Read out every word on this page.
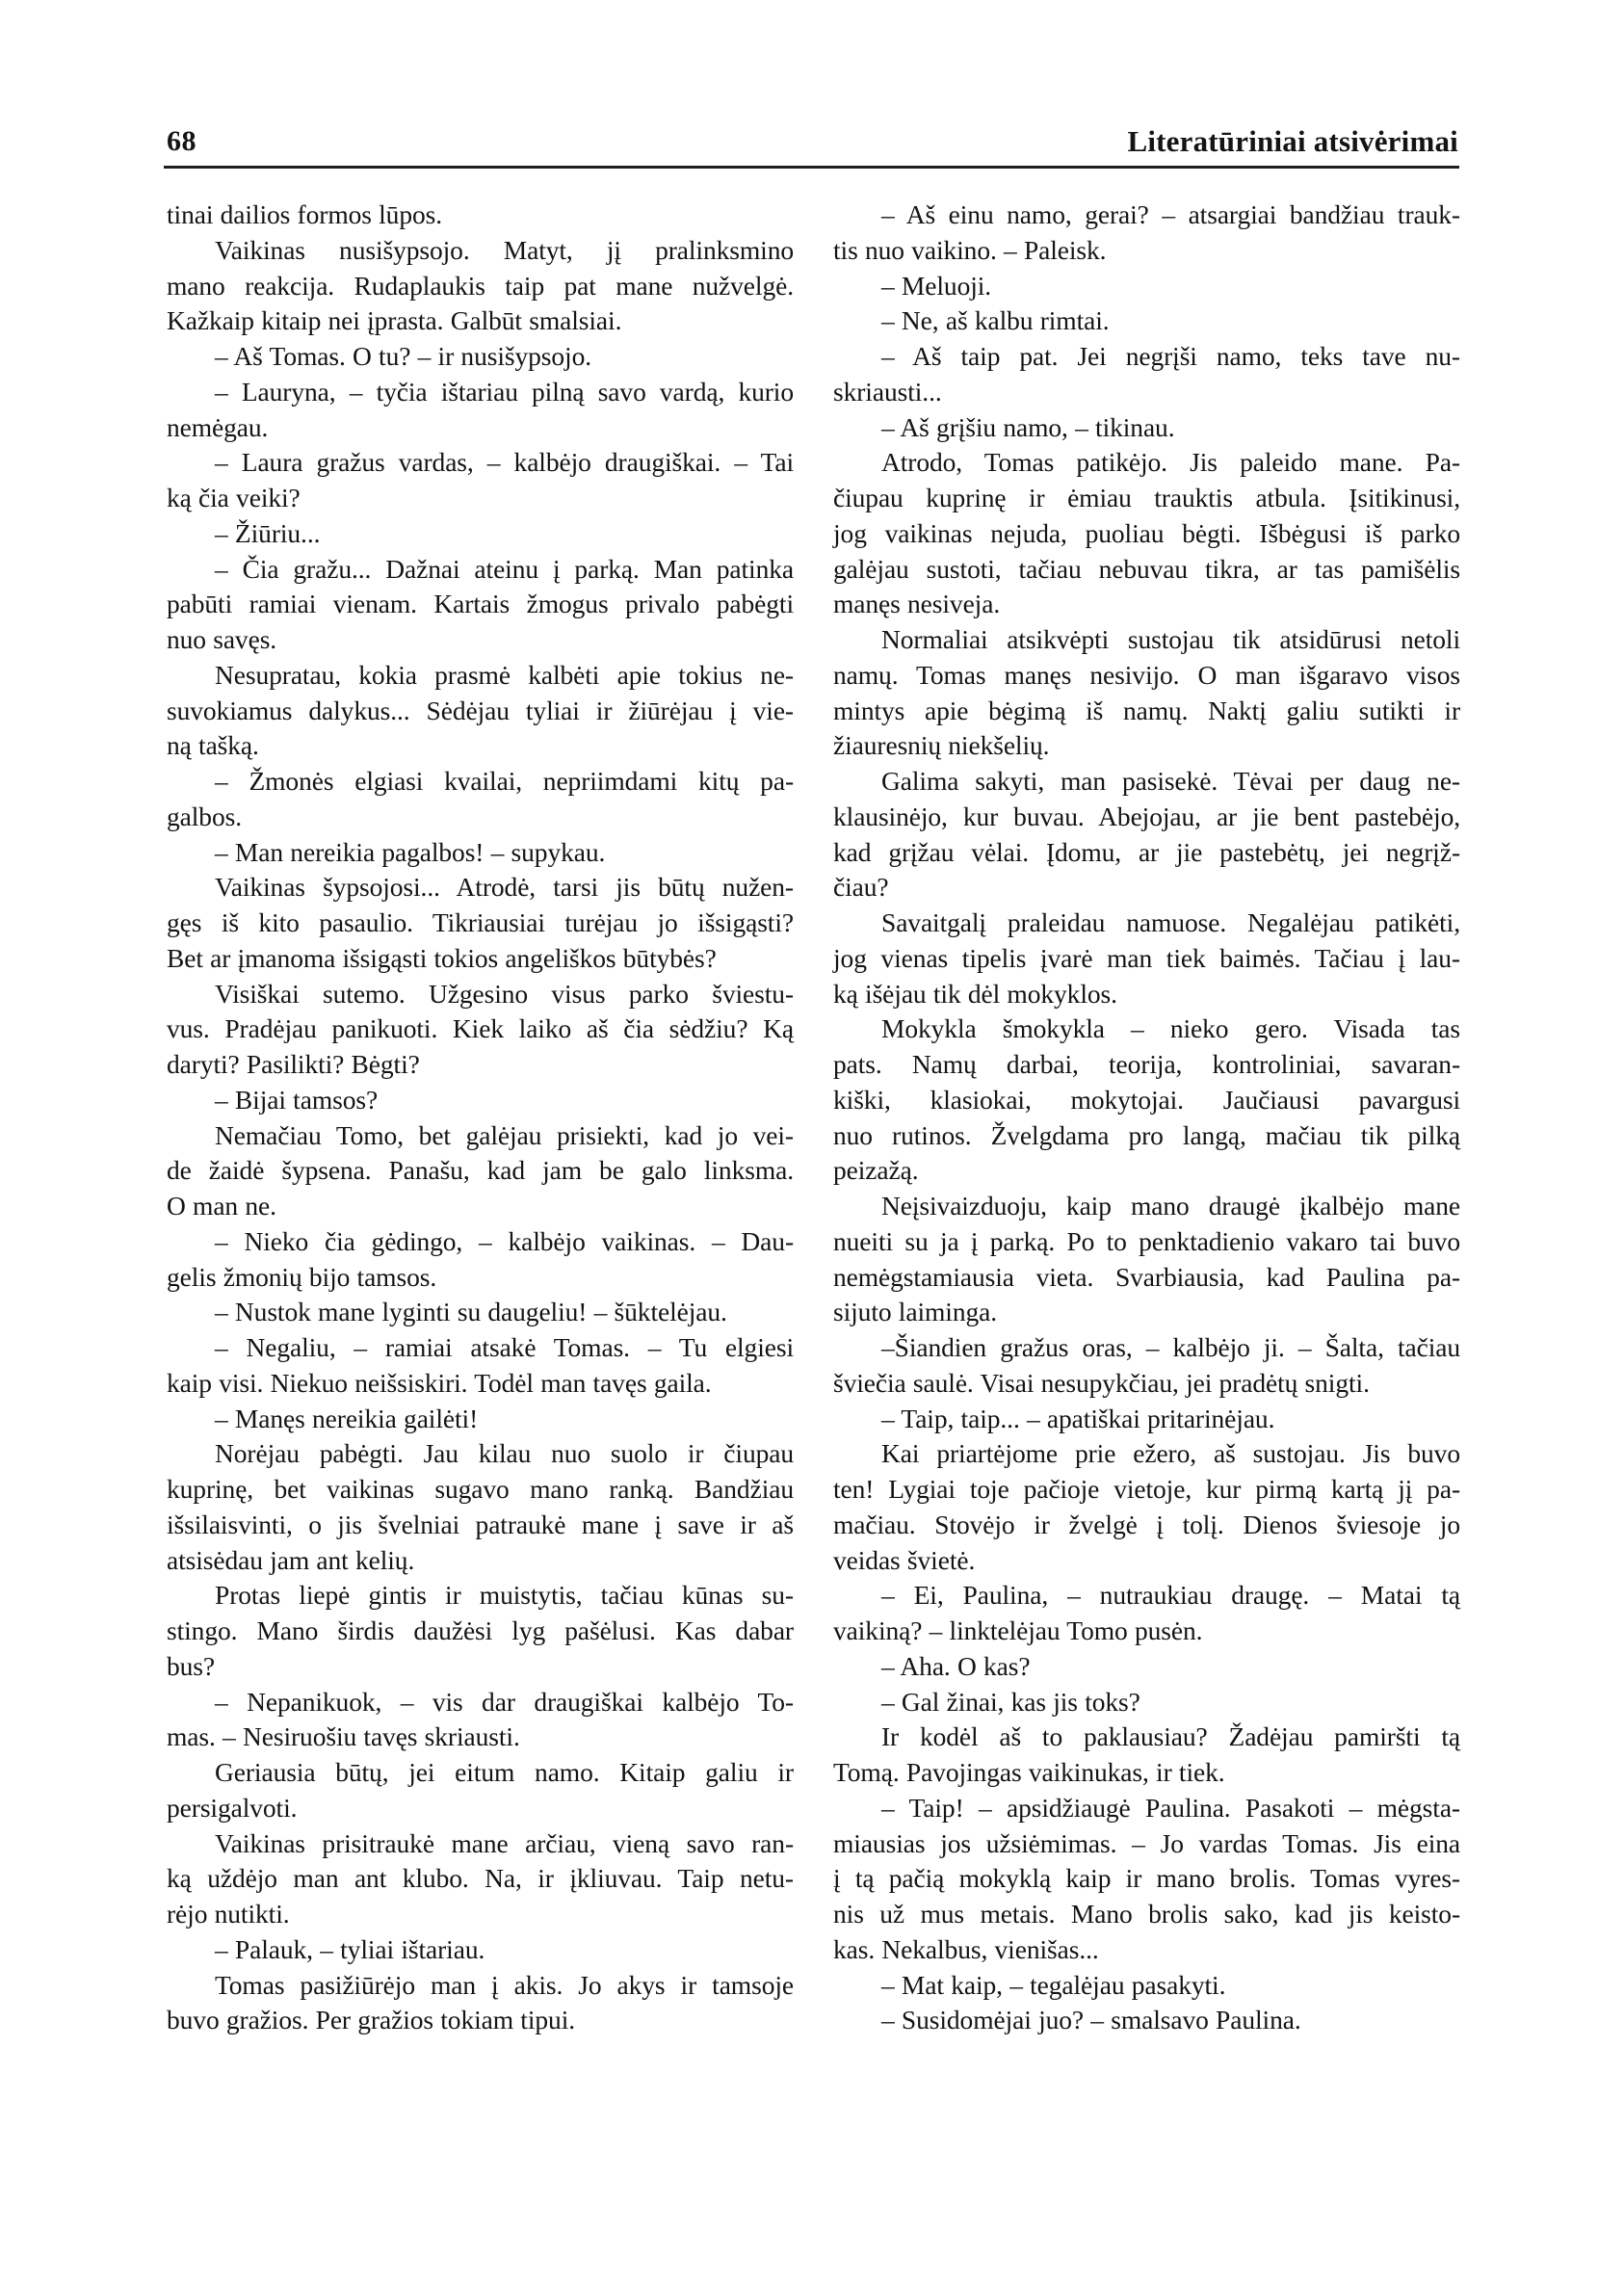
68	Literatūriniai atsivėrimai
tinai dailios formos lūpos.
Vaikinas nusišypsojo. Matyt, jį pralinksmino
mano reakcija. Rudaplaukis taip pat mane nužvelgė.
Kažkaip kitaip nei įprasta. Galbūt smalsiai.
– Aš Tomas. O tu? – ir nusišypsojo.
– Lauryna, – tyčia ištariau pilną savo vardą, kurio
nemėgau.
– Laura gražus vardas, – kalbėjo draugiškai. – Tai
ką čia veiki?
– Žiūriu...
– Čia gražu... Dažnai ateinu į parką. Man patinka
pabūti ramiai vienam. Kartais žmogus privalo pabėgti
nuo savęs.
Nesupratau, kokia prasmė kalbėti apie tokius ne-
suvokiamus dalykus... Sėdėjau tyliai ir žiūrėjau į vie-
ną tašką.
– Žmonės elgiasi kvailai, nepriimdami kitų pa-
galbos.
– Man nereikia pagalbos! – supykau.
Vaikinas šypsojosi... Atrodė, tarsi jis būtų nužen-
gęs iš kito pasaulio. Tikriausiai turėjau jo išsigąsti?
Bet ar įmanoma išsigąsti tokios angeliškos būtybės?
Visiškai sutemo. Užgesino visus parko šviestu-
vus. Pradėjau panikuoti. Kiek laiko aš čia sėdžiu? Ką
daryti? Pasilikti? Bėgti?
– Bijai tamsos?
Nemačiau Tomo, bet galėjau prisiekti, kad jo vei-
de žaidė šypsena. Panašu, kad jam be galo linksma.
O man ne.
– Nieko čia gėdingo, – kalbėjo vaikinas. – Dau-
gelis žmonių bijo tamsos.
– Nustok mane lyginti su daugeliu! – šūktelėjau.
– Negaliu, – ramiai atsakė Tomas. – Tu elgiesi
kaip visi. Niekuo neišsiskiri. Todėl man tavęs gaila.
– Manęs nereikia gailėti!
Norėjau pabėgti. Jau kilau nuo suolo ir čiupau
kuprinę, bet vaikinas sugavo mano ranką. Bandžiau
išsilaisvinti, o jis švelniai patraukė mane į save ir aš
atsisėdau jam ant kelių.
Protas liepė gintis ir muistytis, tačiau kūnas su-
stingo. Mano širdis daužėsi lyg pašėlusi. Kas dabar
bus?
– Nepanikuok, – vis dar draugiškai kalbėjo To-
mas. – Nesiruošiu tavęs skriausti.
Geriausia būtų, jei eitum namo. Kitaip galiu ir
persigalvoti.
Vaikinas prisitraukė mane arčiau, vieną savo ran-
ką uždėjo man ant klubo. Na, ir įkliuvau. Taip netu-
rėjo nutikti.
– Palauk, – tyliai ištariau.
Tomas pasižiūrėjo man į akis. Jo akys ir tamsoje
buvo gražios. Per gražios tokiam tipui.
– Aš einu namo, gerai? – atsargiai bandžiau trauk-
tis nuo vaikino. – Paleisk.
– Meluoji.
– Ne, aš kalbu rimtai.
– Aš taip pat. Jei negrįši namo, teks tave nu-
skriausti...
– Aš grįšiu namo, – tikinau.
Atrodo, Tomas patikėjo. Jis paleido mane. Pa-
čiupau kuprinę ir ėmiau trauktis atbula. Įsitikinusi,
jog vaikinas nejuda, puoliau bėgti. Išbėgusi iš parko
galėjau sustoti, tačiau nebuvau tikra, ar tas pamišėlis
manęs nesiveja.
Normaliai atsikvėpti sustojau tik atsidūrusi netoli
namų. Tomas manęs nesivijo. O man išgaravo visos
mintys apie bėgimą iš namų. Naktį galiu sutikti ir
žiauresnių niekšelių.
Galima sakyti, man pasisekė. Tėvai per daug ne-
klausinėjo, kur buvau. Abejojau, ar jie bent pastebėjo,
kad grįžau vėlai. Įdomu, ar jie pastebėtų, jei negrįž-
čiau?
Savaitgalį praleidau namuose. Negalėjau patikėti,
jog vienas tipelis įvarė man tiek baimės. Tačiau į lau-
ką išėjau tik dėl mokyklos.
Mokykla šmokykla – nieko gero. Visada tas
pats. Namų darbai, teorija, kontroliniai, savaran-
kiški, klasiokai, mokytojai. Jaučiausi pavargusi
nuo rutinos. Žvelgdama pro langą, mačiau tik pilką
peizažą.
Neįsivaizduoju, kaip mano draugė įkalbėjo mane
nueiti su ja į parką. Po to penktadienio vakaro tai buvo
nemėgstamiausia vieta. Svarbiausia, kad Paulina pa-
sijuto laiminga.
–Šiandien gražus oras, – kalbėjo ji. – Šalta, tačiau
šviečia saulė. Visai nesupykčiau, jei pradėtų snigti.
– Taip, taip... – apatiškai pritarinėjau.
Kai priartėjome prie ežero, aš sustojau. Jis buvo
ten! Lygiai toje pačioje vietoje, kur pirmą kartą jį pa-
mačiau. Stovėjo ir žvelgė į tolį. Dienos šviesoje jo
veidas švietė.
– Ei, Paulina, – nutraukiau draugę. – Matai tą
vaikiną? – linktelėjau Tomo pusėn.
– Aha. O kas?
– Gal žinai, kas jis toks?
Ir kodėl aš to paklausiau? Žadėjau pamiršti tą
Tomą. Pavojingas vaikinukas, ir tiek.
– Taip! – apsidžiaugė Paulina. Pasakoti – mėgsta-
miausias jos užsiėmimas. – Jo vardas Tomas. Jis eina
į tą pačią mokyklą kaip ir mano brolis. Tomas vyres-
nis už mus metais. Mano brolis sako, kad jis keisto-
kas. Nekalbus, vienišas...
– Mat kaip, – tegalėjau pasakyti.
– Susidomėjai juo? – smalsavo Paulina.
